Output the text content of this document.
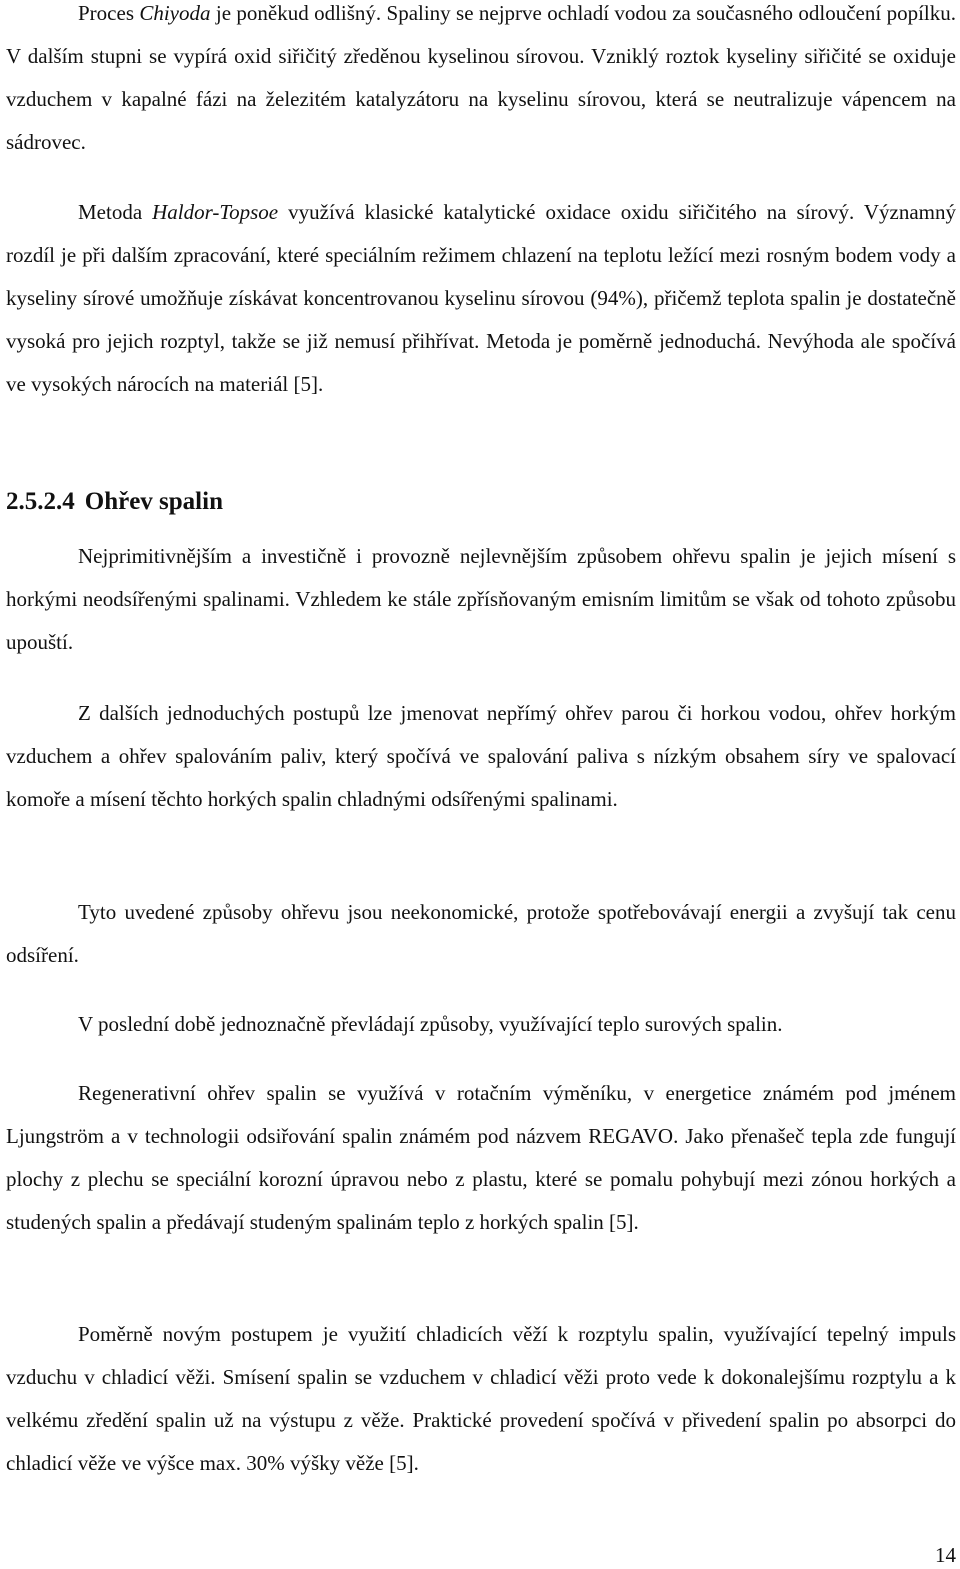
Proces Chiyoda je poněkud odlišný. Spaliny se nejprve ochladí vodou za současného odloučení popílku. V dalším stupni se vypírá oxid siřičitý zředěnou kyselinou sírovou. Vzniklý roztok kyseliny siřičité se oxiduje vzduchem v kapalné fázi na železitém katalyzátoru na kyselinu sírovou, která se neutralizuje vápencem na sádrovec.

Metoda Haldor-Topsoe využívá klasické katalytické oxidace oxidu siřičitého na sírový. Významný rozdíl je při dalším zpracování, které speciálním režimem chlazení na teplotu ležící mezi rosným bodem vody a kyseliny sírové umožňuje získávat koncentrovanou kyselinu sírovou (94%), přičemž teplota spalin je dostatečně vysoká pro jejich rozptyl, takže se již nemusí přihřívat. Metoda je poměrně jednoduchá. Nevýhoda ale spočívá ve vysokých nárocích na materiál [5].

2.5.2.4 Ohřev spalin

Nejprimitivnějším a investičně i provozně nejlevnějším způsobem ohřevu spalin je jejich mísení s horkými neodsířenými spalinami. Vzhledem ke stále zpřísňovaným emisním limitům se však od tohoto způsobu upouští.

Z dalších jednoduchých postupů lze jmenovat nepřímý ohřev parou či horkou vodou, ohřev horkým vzduchem a ohřev spalováním paliv, který spočívá ve spalování paliva s nízkým obsahem síry ve spalovací komoře a mísení těchto horkých spalin chladnými odsířenými spalinami.

Tyto uvedené způsoby ohřevu jsou neekonomické, protože spotřebovávají energii a zvyšují tak cenu odsíření.

V poslední době jednoznačně převládají způsoby, využívající teplo surových spalin.

Regenerativní ohřev spalin se využívá v rotačním výměníku, v energetice známém pod jménem Ljungström a v technologii odsiřování spalin známém pod názvem REGAVO. Jako přenašeč tepla zde fungují plochy z plechu se speciální korozní úpravou nebo z plastu, které se pomalu pohybují mezi zónou horkých a studených spalin a předávají studeným spalinám teplo z horkých spalin [5].

Poměrně novým postupem je využití chladicích věží k rozptylu spalin, využívající tepelný impuls vzduchu v chladicí věži. Smísení spalin se vzduchem v chladicí věži proto vede k dokonalejšímu rozptylu a k velkému zředění spalin už na výstupu z věže. Praktické provedení spočívá v přivedení spalin po absorpci do chladicí věže ve výšce max. 30% výšky věže [5].

14
